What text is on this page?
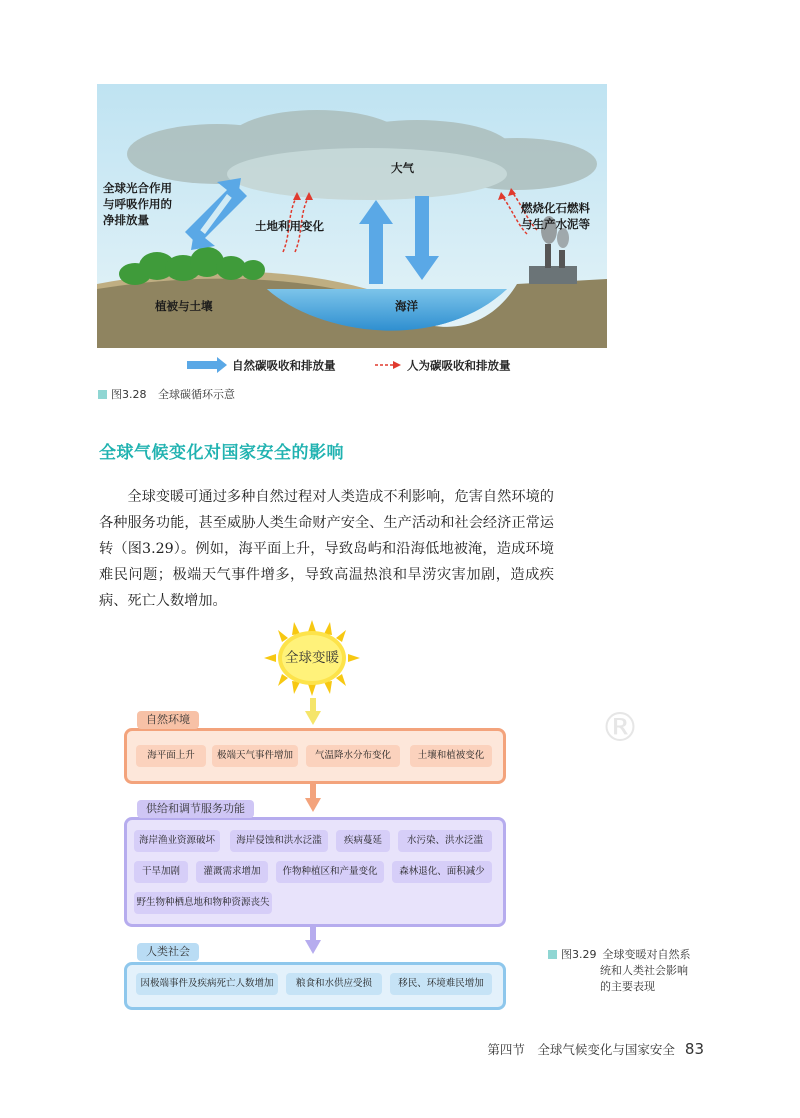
大气
全球光合作用
与呼吸作用的
净排放量	土地利用变化
燃烧化石燃料
与生产水泥等
植被与土壤	海洋
自然碳吸收和排放量	人为碳吸收和排放量
图3.28 全球碳循环示意
全球气候变化对国家安全的影响

全球变暖可通过多种自然过程对人类造成不利影响，危害自然环境的各种服务功能，甚至威胁人类生命财产安全、生产活动和社会经济正常运转（图3.29）。例如，海平面上升，导致岛屿和沿海低地被淹，造成环境难民问题；极端天气事件增多，导致高温热浪和旱涝灾害加剧，造成疾病、死亡人数增加。

全球变暖
自然环境
海平面上升	极端天气事件增加	气温降水分布变化	土壤和植被变化
供给和调节服务功能
海岸渔业资源破坏	海岸侵蚀和洪水泛滥	疾病蔓延	水污染、洪水泛滥
干旱加剧	灌溉需求增加	作物种植区和产量变化	森林退化、面积减少
野生物种栖息地和物种资源丧失
人类社会
因极端事件及疾病死亡人数增加	粮食和水供应受损	移民、环境难民增加
图3.29 全球变暖对自然系
统和人类社会影响
的主要表现
®
第四节　全球气候变化与国家安全 83
